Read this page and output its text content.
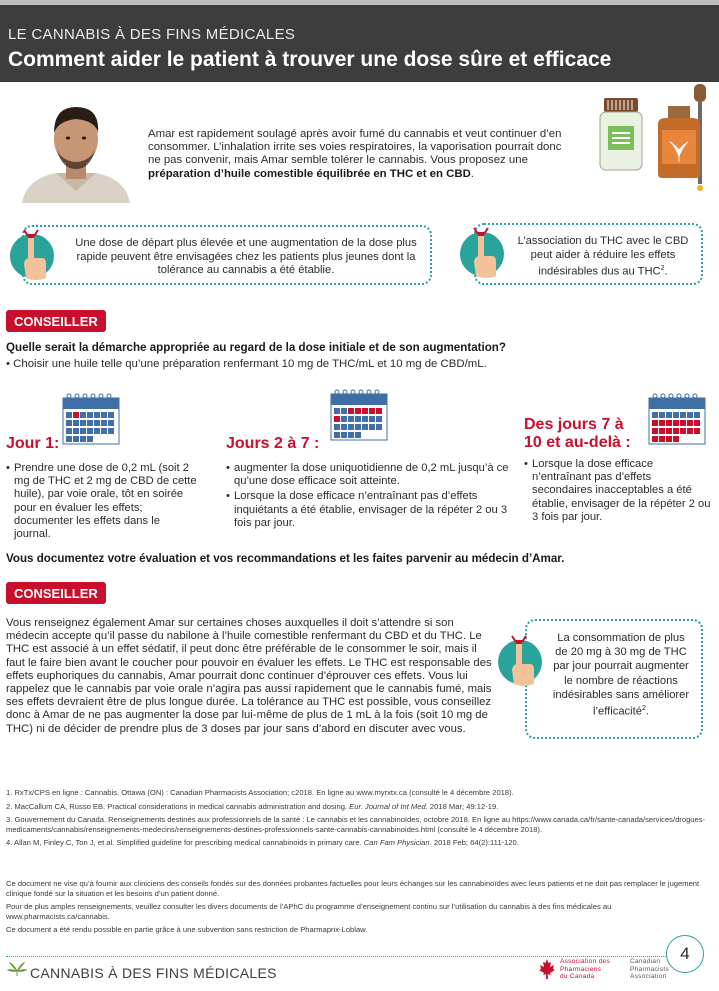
LE CANNABIS À DES FINS MÉDICALES
Comment aider le patient à trouver une dose sûre et efficace
Amar est rapidement soulagé après avoir fumé du cannabis et veut continuer d’en consommer. L’inhalation irrite ses voies respiratoires, la vaporisation pourrait donc ne pas convenir, mais Amar semble tolérer le cannabis. Vous proposez une préparation d’huile comestible équilibrée en THC et en CBD.
Une dose de départ plus élevée et une augmentation de la dose plus rapide peuvent être envisagées chez les patients plus jeunes dont la tolérance au cannabis a été établie.
L’association du THC avec le CBD peut aider à réduire les effets indésirables dus au THC$^2$.
CONSEILLER
Quelle serait la démarche appropriée au regard de la dose initiale et de son augmentation?
• Choisir une huile telle qu’une préparation renfermant 10 mg de THC/mL et 10 mg de CBD/mL.
Jour 1:
• Prendre une dose de 0,2 mL (soit 2 mg de THC et 2 mg de CBD de cette huile), par voie orale, tôt en soirée pour en évaluer les effets; documenter les effets dans le journal.
Jours 2 à 7 :
• augmenter la dose uniquotidienne de 0,2 mL jusqu’à ce qu’une dose efficace soit atteinte.
• Lorsque la dose efficace n’entraînant pas d’effets inquiétants a été établie, envisager de la répéter 2 ou 3 fois par jour.
Des jours 7 à
10 et au-delà :
• Lorsque la dose efficace n’entraînant pas d’effets secondaires inacceptables a été établie, envisager de la répéter 2 ou 3 fois par jour.
Vous documentez votre évaluation et vos recommandations et les faites parvenir au médecin d’Amar.
CONSEILLER
Vous renseignez également Amar sur certaines choses auxquelles il doit s’attendre si son médecin accepte qu’il passe du nabilone à l’huile comestible renfermant du CBD et du THC. Le THC est associé à un effet sédatif, il peut donc être préférable de le consommer le soir, mais il faut le faire bien avant le coucher pour pouvoir en évaluer les effets. Le THC est responsable des effets euphoriques du cannabis, Amar pourrait donc continuer d’éprouver ces effets. Vous lui rappelez que le cannabis par voie orale n’agira pas aussi rapidement que le cannabis fumé, mais ses effets devraient être de plus longue durée. La tolérance au THC est possible, vous conseillez donc à Amar de ne pas augmenter la dose par lui-même de plus de 1 mL à la fois (soit 10 mg de THC) ni de décider de prendre plus de 3 doses par jour sans d’abord en discuter avec vous.
La consommation de plus de 20 mg à 30 mg de THC par jour pourrait augmenter le nombre de réactions indésirables sans améliorer l’efficacité$^2$.
1. RxTx/CPS en ligne : Cannabis. Ottawa (ON) : Canadian Pharmacists Association; c2018. En ligne au www.myrxtx.ca (consulté le 4 décembre 2018).
2. MacCallum CA, Russo EB. Practical considerations in medical cannabis administration and dosing. Eur. Journal of Int Med. 2018 Mar; 49:12-19.
3. Gouvernement du Canada. Renseignements destinés aux professionnels de la santé : Le cannabis et les cannabinoïdes, octobre 2018. En ligne au https://www.canada.ca/fr/sante-canada/services/drogues-medicaments/cannabis/renseignements-medecins/renseignements-destines-professionnels-sante-cannabis-cannabinoides.html (consulté le 4 décembre 2018).
4. Allan M, Finley C, Ton J, et al. Simplified guideline for prescribing medical cannabinoids in primary care. Can Fam Physician. 2018 Feb; 64(2):111-120.

Ce document ne vise qu’à fournir aux cliniciens des conseils fondés sur des données probantes factuelles pour leurs échanges sur les cannabinoïdes avec leurs patients et ne doit pas remplacer le jugement clinique fondé sur la situation et les besoins d’un patient donné.

Pour de plus amples renseignements, veuillez consulter les divers documents de l’APhC du programme d’enseignement continu sur l’utilisation du cannabis à des fins médicales au www.pharmacists.ca/cannabis.

Ce document a été rendu possible en partie grâce à une subvention sans restriction de Pharmaprix-Loblaw.

4
CANNABIS À DES FINS MÉDICALES
Association des
Pharmaciens
du Canada
Canadian
Pharmacists
Association
